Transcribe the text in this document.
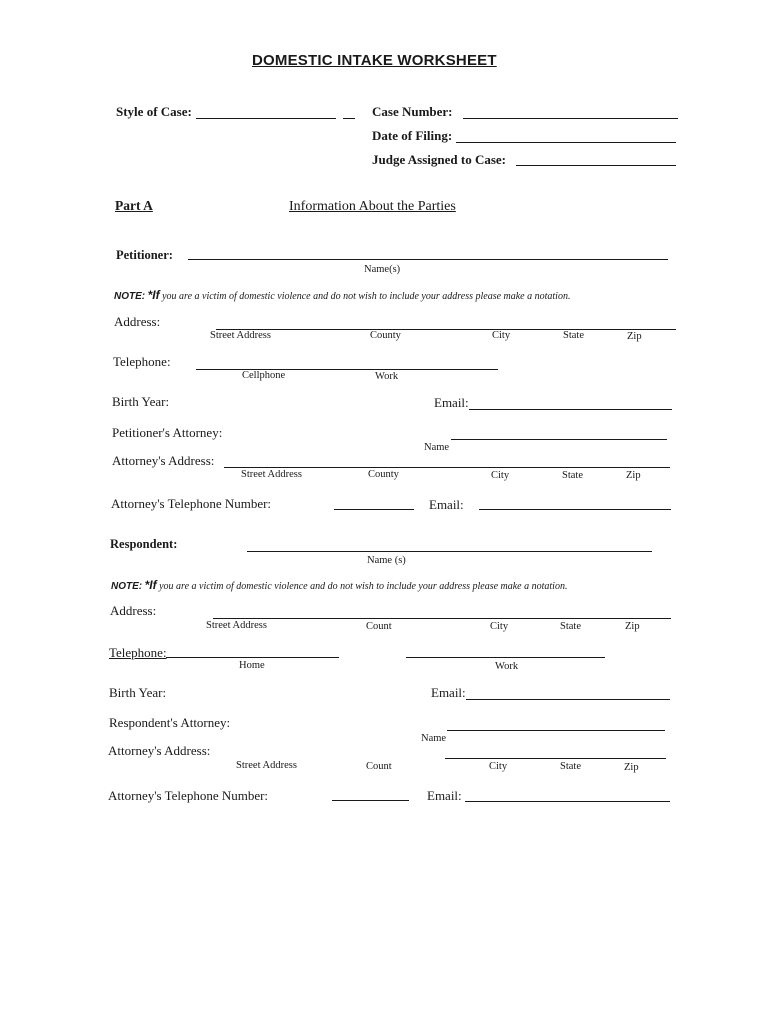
DOMESTIC INTAKE WORKSHEET
Style of Case:	Case Number:
Date of Filing:
Judge Assigned to Case:
Part A	Information About the Parties
Petitioner:
Name(s)
NOTE: *If you are a victim of domestic violence and do not wish to include your address please make a notation.
Address:
Street Address	County	City	State	Zip
Telephone:
Cellphone	Work
Birth Year:	Email:
Petitioner's Attorney:
Name
Attorney's Address:
Street Address	County	City	State	Zip
Attorney's Telephone Number:	Email:
Respondent:
Name (s)
NOTE: *If you are a victim of domestic violence and do not wish to include your address please make a notation.
Address:
Street Address	Count	City	State	Zip
Telephone:
Home	Work
Birth Year:	Email:
Respondent's Attorney:
Name
Attorney's Address:
Street Address	Count	City	State	Zip
Attorney's Telephone Number:	Email:
